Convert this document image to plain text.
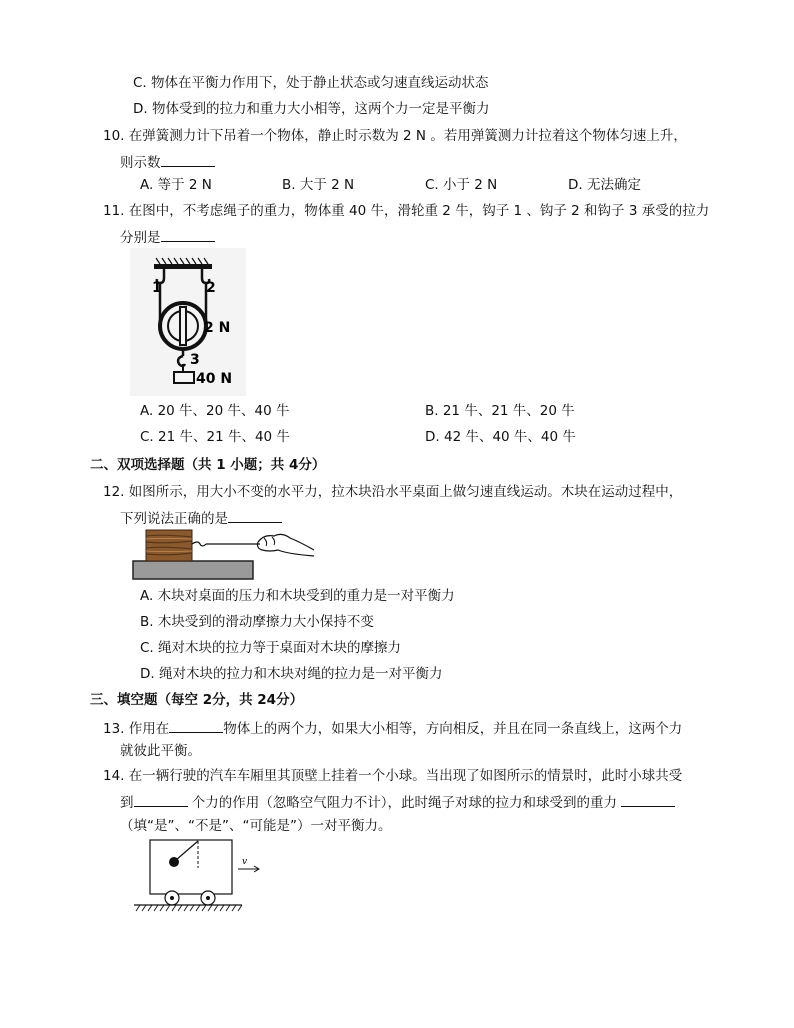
C. 物体在平衡力作用下，处于静止状态或匀速直线运动状态
D. 物体受到的拉力和重力大小相等，这两个力一定是平衡力
10. 在弹簧测力计下吊着一个物体，静止时示数为 2 N 。若用弹簧测力计拉着这个物体匀速上升，
则示数
A. 等于 2 N	B. 大于 2 N	C. 小于 2 N	D. 无法确定
11. 在图中，不考虑绳子的重力，物体重 40 牛，滑轮重 2 牛，钩子 1 、钩子 2 和钩子 3 承受的拉力
分别是
1	2
2 N
3
40 N
A. 20 牛、20 牛、40 牛	B. 21 牛、21 牛、20 牛
C. 21 牛、21 牛、40 牛	D. 42 牛、40 牛、40 牛
二、双项选择题（共 1 小题；共 4分）
12. 如图所示，用大小不变的水平力，拉木块沿水平桌面上做匀速直线运动。木块在运动过程中，
下列说法正确的是
A. 木块对桌面的压力和木块受到的重力是一对平衡力
B. 木块受到的滑动摩擦力大小保持不变
C. 绳对木块的拉力等于桌面对木块的摩擦力
D. 绳对木块的拉力和木块对绳的拉力是一对平衡力
三、填空题（每空 2分，共 24分）
13. 作用在	物体上的两个力，如果大小相等，方向相反，并且在同一条直线上，这两个力
就彼此平衡。
14. 在一辆行驶的汽车车厢里其顶壁上挂着一个小球。当出现了如图所示的情景时，此时小球共受
到	个力的作用（忽略空气阻力不计），此时绳子对球的拉力和球受到的重力
（填“是”、“不是”、“可能是”）一对平衡力。
v
